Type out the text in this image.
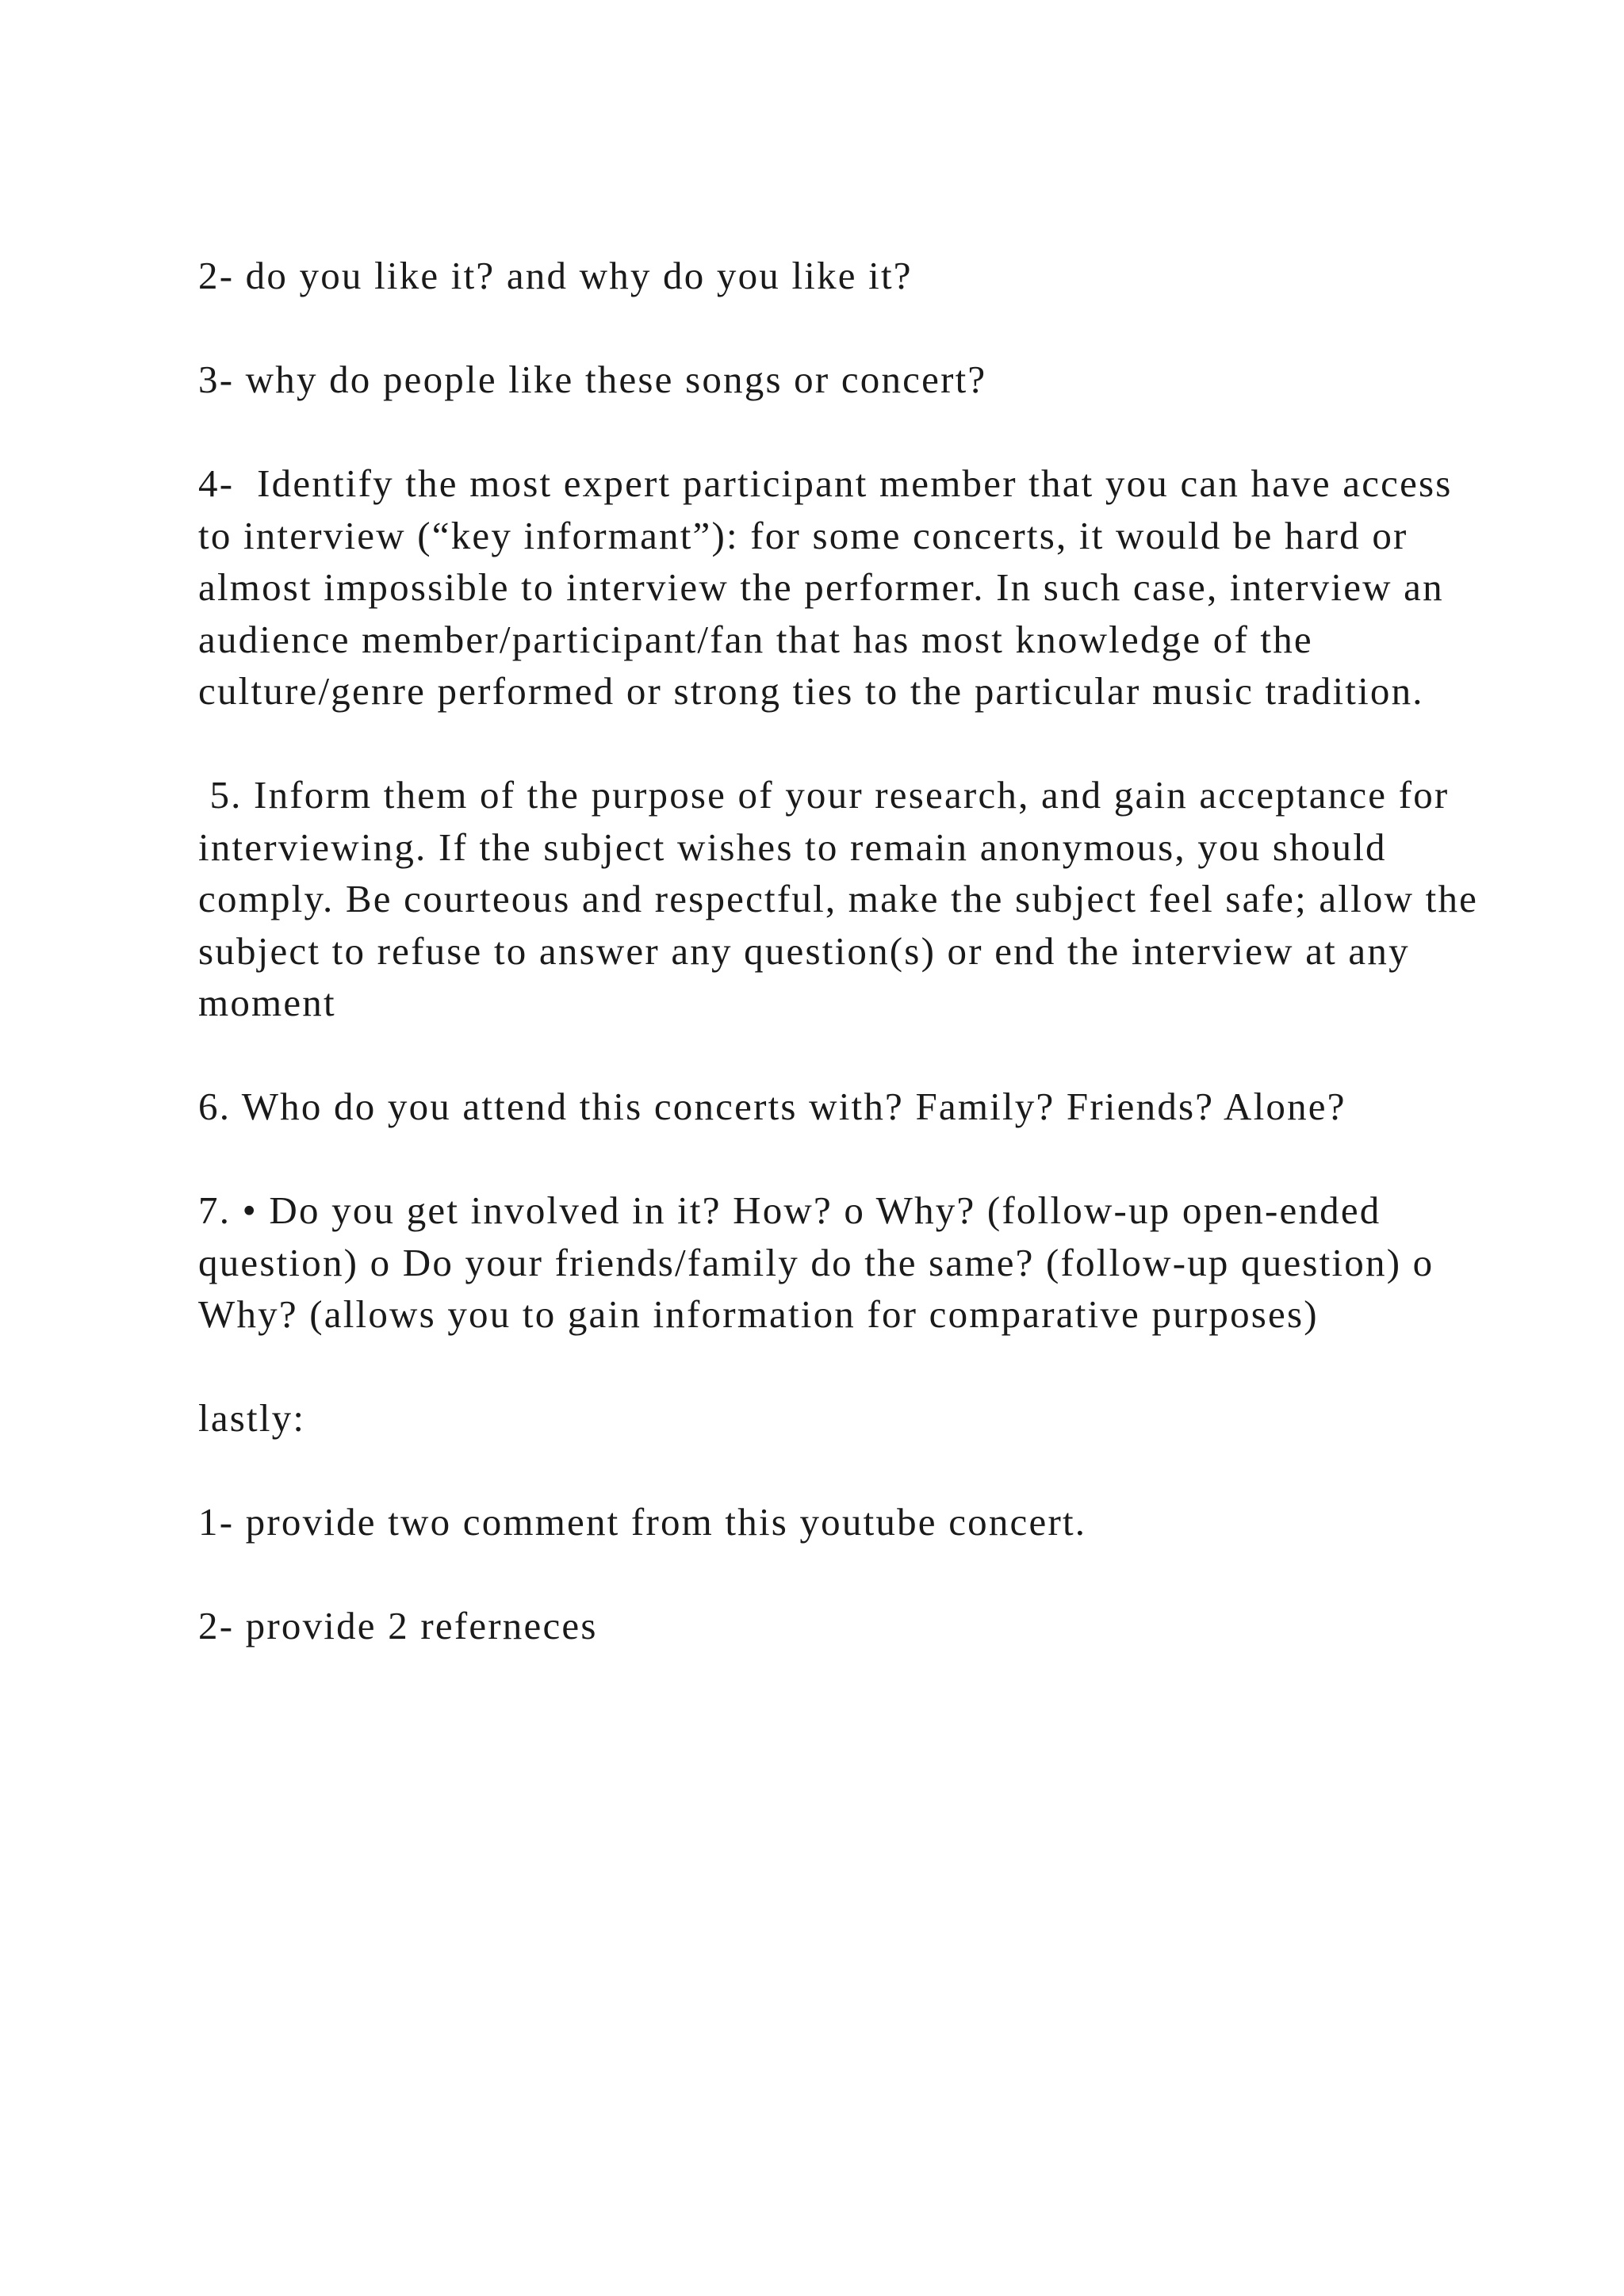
2- do you like it? and why do you like it?

3- why do people like these songs or concert?

4-  Identify the most expert participant member that you can have access to interview (“key informant”): for some concerts, it would be hard or almost impossible to interview the performer. In such case, interview an audience member/participant/fan that has most knowledge of the culture/genre performed or strong ties to the particular music tradition.

5. Inform them of the purpose of your research, and gain acceptance for interviewing. If the subject wishes to remain anonymous, you should comply. Be courteous and respectful, make the subject feel safe; allow the subject to refuse to answer any question(s) or end the interview at any moment

6. Who do you attend this concerts with? Family? Friends? Alone?

7. • Do you get involved in it? How? o Why? (follow-up open-ended question) o Do your friends/family do the same? (follow-up question) o Why? (allows you to gain information for comparative purposes)

lastly:

1- provide two comment from this youtube concert.

2- provide 2 referneces
